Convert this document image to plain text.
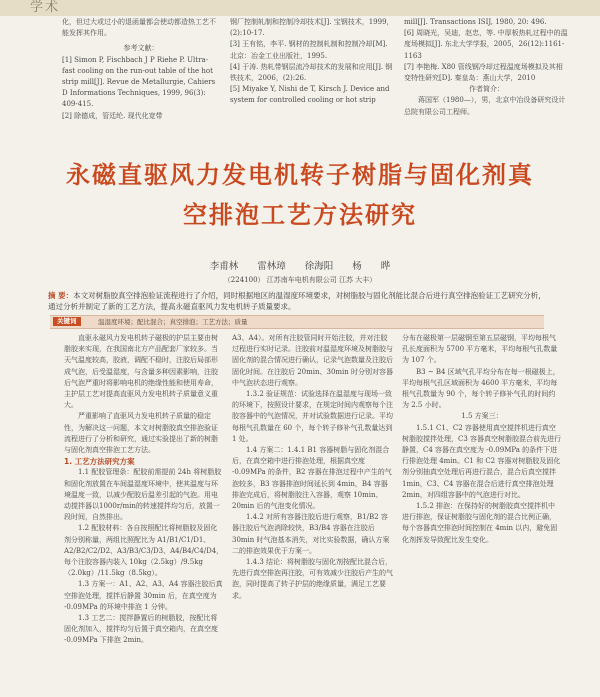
学术

化，但过大或过小的退函量都会使动都造热工艺不能发挥其作用。

参考文献：

[1] Simon P, Fischbach J P Riehe P. Ultra-fast cooling on the run-out table of the hot strip mill[J]. Revue de Metallurgie, Cahiers D Informations Techniques, 1999, 96(3): 409-415.

[2] 除德成，管廷纶. 现代化宽带

钢厂控制轧制和控制冷却技术[J]. 宝钢技术，1999，(2):10-17.

[3] 王有铭，李平. 钢材的控制轧制和控制冷却[M]. 北京：冶金工业出版社，1995.

[4] 于涛. 热轧带钢层流冷却技术的发展和应用[J]. 钢铁技术，2006，(2):26.

[5] Miyake Y, Nishi de T, Kirsch J. Device and system for controlled cooling or hot strip

mill[J]. Transactions ISIJ, 1980, 20: 496.

[6] 周晓光，吴迪，赵忠，等. 中厚板热轧过程中的温度场模拟[J]. 东北大学学报，2005，26(12):1161-1163

[7] 李艳梅. X80 管线钢冷却过程温度场模拟及其相变特性研究[D]. 秦皇岛：燕山大学，2010

作者简介：

蒋国军（1980—），男，北京中冶设备研究设计总院有限公司工程师。

永磁直驱风力发电机转子树脂与固化剂真
空排泡工艺方法研究
李甫林 雷林璋 徐海阳 杨 晔
（224100） 江苏南车电机有限公司 江苏 大丰）
摘 要：本文对树脂胶真空排泡验证流程进行了介绍，同时根据地区的温湿度环境要求，对树脂胶与固化剂能比混合后进行真空排泡验证工艺研究分析，通过分析并制定了新的工艺方法，提高永磁直驱风力发电机转子质量要求。
关键词	温湿度环境；配比混合；真空排泡；工艺方法；质量

直驱永磁风力发电机转子磁极的护层主要由树脂胶来实现，在我国南北方产品配套厂家较多。当天气温度较高，胶液，调配不稳时，注胶后局部形成气泡，后受温湿度，与含量多种因素影响，注胶后气泡严重时将影响电机的绝缘性能和使用寿命，主护层工艺对提高直驱风力发电机转子质量意义重大。

严重影响了直驱风力发电机转子质量的稳定性，为解决这一问题，本文对树脂胶真空排泡验证流程进行了分析和研究，通过实验提出了新的树脂与固化剂真空排泡工艺方法。

1. 工艺方法研究方案

1.1 配胶管理条：配胶前需提前 24h 将树脂胶和固化剂放置在车间温湿度环境中，使其温度与环境温度一致，以减少配胶后温差引起的气泡。用电动搅拌器以1000r/min的转速搅拌均匀后，放置一段时间，自然排出。

1.2 配胶材料：各自按照配比将树脂胶及固化剂分别称量，两组比照配比为 A1/B1/C1/D1、A2/B2/C2/D2、A3/B3/C3/D3、A4/B4/C4/D4，每个注胶容器内装入 10kg（2.5kg）/9.5kg（2.0kg）/11.5kg（8.5kg）。

1.3 方案一：A1、A2、A3、A4 容器注胶后真空排泡处理，搅拌后静置 30min 后，在真空度为 -0.09MPa 的环境中排泡 1 分钟。

1.3 工艺二：搅拌静置后的树脂胶，按配比将固化剂加入，搅拌均匀后置于真空箱内，在真空度 -0.09MPa 下排泡 2min。

A3、A4）。对所有注胶管同时开始注胶，并对注胶过程进行实时记录。注胶前对温湿度环境及树脂胶与固化剂的混合情况进行确认，记录气泡数量及注胶后固化时间。在注胶后 20min、30min 时分别对容器中气泡状态进行观察。

1.3.2 验证规范：试验选择在温湿度与现场一致的环境下，按照设计要求，在规定时间内观察每个注胶容器中的气泡情况，并对试验数据进行记录。平均每根气孔数量在 60 个，每个转子修补气孔数量达到 1 处。

1.4 方案二：1.4.1 B1 容器树脂与固化剂混合后，在真空箱中进行排泡处理，根据真空度 -0.09MPa 的条件，B2 容器在排泡过程中产生的气泡较多，B3 容器排泡时间延长到 4min，B4 容器排泡完成后，将树脂胶注入容器，观察 10min、20min 后的气泡变化情况。

1.4.2 对所有容器注胶后进行观察，B1/B2 容器注胶后气泡消除较快，B3/B4 容器在注胶后 30min 时气泡基本消失，对比实验数据，确认方案二的排泡效果优于方案一。

1.4.3 结论：将树脂胶与固化剂按配比混合后，先进行真空排泡再注胶，可有效减少注胶后产生的气泡，同时提高了转子护层的绝缘质量，满足工艺要求。

分布在磁极第一层磁钢至第五层磁钢，平均每根气孔长度面积为 5700 平方毫米，平均每根气孔数量为 107 个。

B3 ~ B4 区域气孔平均分布在每一根磁极上，平均每根气孔区域面积为 4600 平方毫米，平均每根气孔数量为 90 个，每个转子修补气孔的时间约为 2.5 小时。

1.5 方案三：

1.5.1 C1、C2 容器使用真空搅拌机进行真空树脂胶搅拌处理，C3 容器真空树脂胶混合前先进行静置，C4 容器在真空度为 -0.09MPa 的条件下进行排泡处理 4min。C1 和 C2 容器对树脂胶及固化剂分别抽真空处理后再进行混合，混合后真空搅拌 1min，C3、C4 容器在混合后进行真空排泡处理 2min，对四组容器中的气泡进行对比。

1.5.2 排泡：在保持好的树脂胶真空搅拌机中进行排泡，保证树脂胶与固化剂的混合比例正确，每个容器真空排泡时间控制在 4min 以内，避免固化剂挥发导致配比发生变化。
